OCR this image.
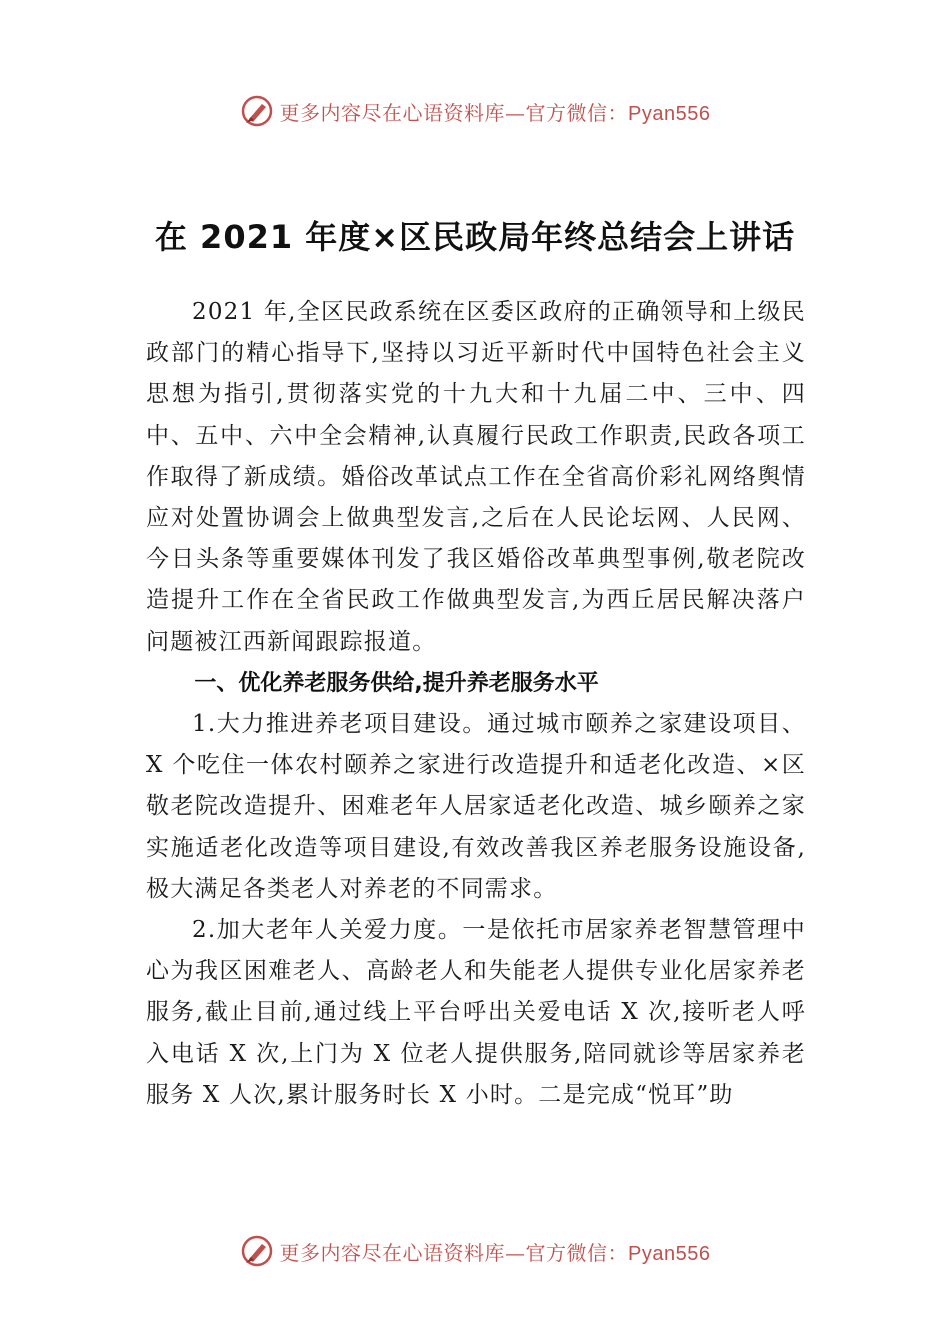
更多内容尽在心语资料库—官方微信：Pyan556
在 2021 年度×区民政局年终总结会上讲话

2021 年,全区民政系统在区委区政府的正确领导和上级民政部门的精心指导下,坚持以习近平新时代中国特色社会主义思想为指引,贯彻落实党的十九大和十九届二中、三中、四中、五中、六中全会精神,认真履行民政工作职责,民政各项工作取得了新成绩。婚俗改革试点工作在全省高价彩礼网络舆情应对处置协调会上做典型发言,之后在人民论坛网、人民网、今日头条等重要媒体刊发了我区婚俗改革典型事例,敬老院改造提升工作在全省民政工作做典型发言,为西丘居民解决落户问题被江西新闻跟踪报道。

一、优化养老服务供给,提升养老服务水平

1.大力推进养老项目建设。通过城市颐养之家建设项目、X 个吃住一体农村颐养之家进行改造提升和适老化改造、×区敬老院改造提升、困难老年人居家适老化改造、城乡颐养之家实施适老化改造等项目建设,有效改善我区养老服务设施设备,极大满足各类老人对养老的不同需求。

2.加大老年人关爱力度。一是依托市居家养老智慧管理中心为我区困难老人、高龄老人和失能老人提供专业化居家养老服务,截止目前,通过线上平台呼出关爱电话 X 次,接听老人呼入电话 X 次,上门为 X 位老人提供服务,陪同就诊等居家养老服务 X 人次,累计服务时长 X 小时。二是完成“悦耳”助

更多内容尽在心语资料库—官方微信：Pyan556
